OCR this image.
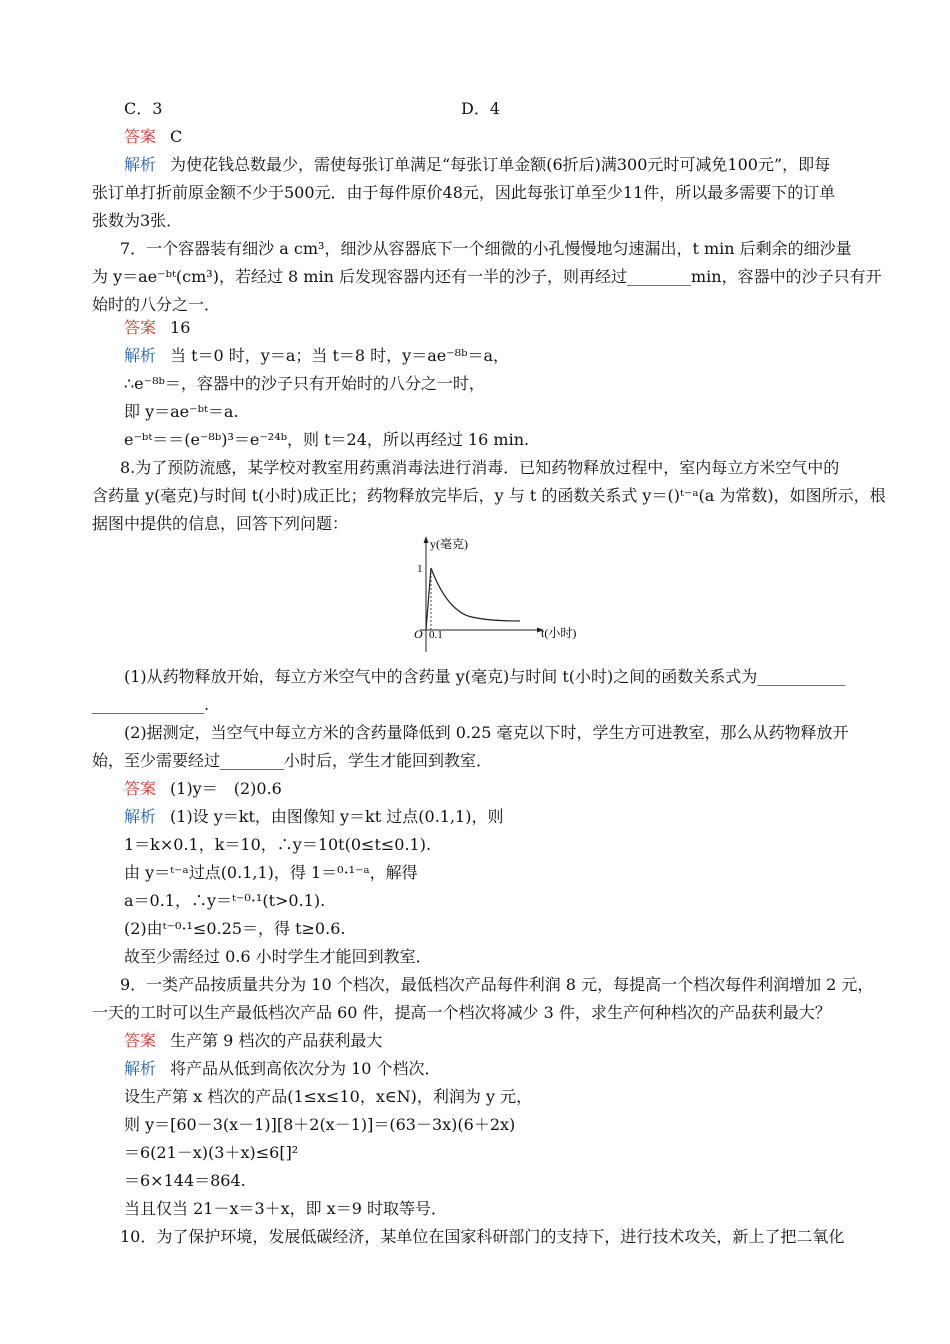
C．3	D．4
答案 C
解析 为使花钱总数最少，需使每张订单满足“每张订单金额(6折后)满300元时可减免100元”，即每
张订单打折前原金额不少于500元．由于每件原价48元，因此每张订单至少11件，所以最多需要下的订单
张数为3张．
7．一个容器装有细沙 a cm³，细沙从容器底下一个细微的小孔慢慢地匀速漏出，t min 后剩余的细沙量
为 y＝ae⁻ᵇᵗ(cm³)，若经过 8 min 后发现容器内还有一半的沙子，则再经过________min，容器中的沙子只有开
始时的八分之一．
答案 16
解析 当 t＝0 时，y＝a；当 t＝8 时，y＝ae⁻⁸ᵇ＝a，
∴e⁻⁸ᵇ＝，容器中的沙子只有开始时的八分之一时，
即 y＝ae⁻ᵇᵗ＝a.
e⁻ᵇᵗ＝＝(e⁻⁸ᵇ)³＝e⁻²⁴ᵇ，则 t＝24，所以再经过 16 min.
8.为了预防流感，某学校对教室用药熏消毒法进行消毒．已知药物释放过程中，室内每立方米空气中的
含药量 y(毫克)与时间 t(小时)成正比；药物释放完毕后，y 与 t 的函数关系式 y＝()ᵗ⁻ᵃ(a 为常数)，如图所示，根
据图中提供的信息，回答下列问题：
y(毫克)
t(小时)
O 0.1
1
(1)从药物释放开始，每立方米空气中的含药量 y(毫克)与时间 t(小时)之间的函数关系式为___________
______________.
(2)据测定，当空气中每立方米的含药量降低到 0.25 毫克以下时，学生方可进教室，那么从药物释放开
始，至少需要经过________小时后，学生才能回到教室．
答案 (1)y＝　(2)0.6
解析 (1)设 y＝kt，由图像知 y＝kt 过点(0.1,1)，则
1＝k×0.1，k＝10，∴y＝10t(0≤t≤0.1).
由 y＝ᵗ⁻ᵃ过点(0.1,1)，得 1＝⁰·¹⁻ᵃ，解得
a＝0.1，∴y＝ᵗ⁻⁰·¹(t>0.1).
(2)由ᵗ⁻⁰·¹≤0.25＝，得 t≥0.6.
故至少需经过 0.6 小时学生才能回到教室．
9．一类产品按质量共分为 10 个档次，最低档次产品每件利润 8 元，每提高一个档次每件利润增加 2 元，
一天的工时可以生产最低档次产品 60 件，提高一个档次将减少 3 件，求生产何种档次的产品获利最大？
答案 生产第 9 档次的产品获利最大
解析 将产品从低到高依次分为 10 个档次．
设生产第 x 档次的产品(1≤x≤10，x∈N)，利润为 y 元，
则 y＝[60－3(x－1)][8＋2(x－1)]＝(63－3x)(6＋2x)
＝6(21－x)(3＋x)≤6[]²
＝6×144＝864.
当且仅当 21－x＝3＋x，即 x＝9 时取等号．
10．为了保护环境，发展低碳经济，某单位在国家科研部门的支持下，进行技术攻关，新上了把二氧化
